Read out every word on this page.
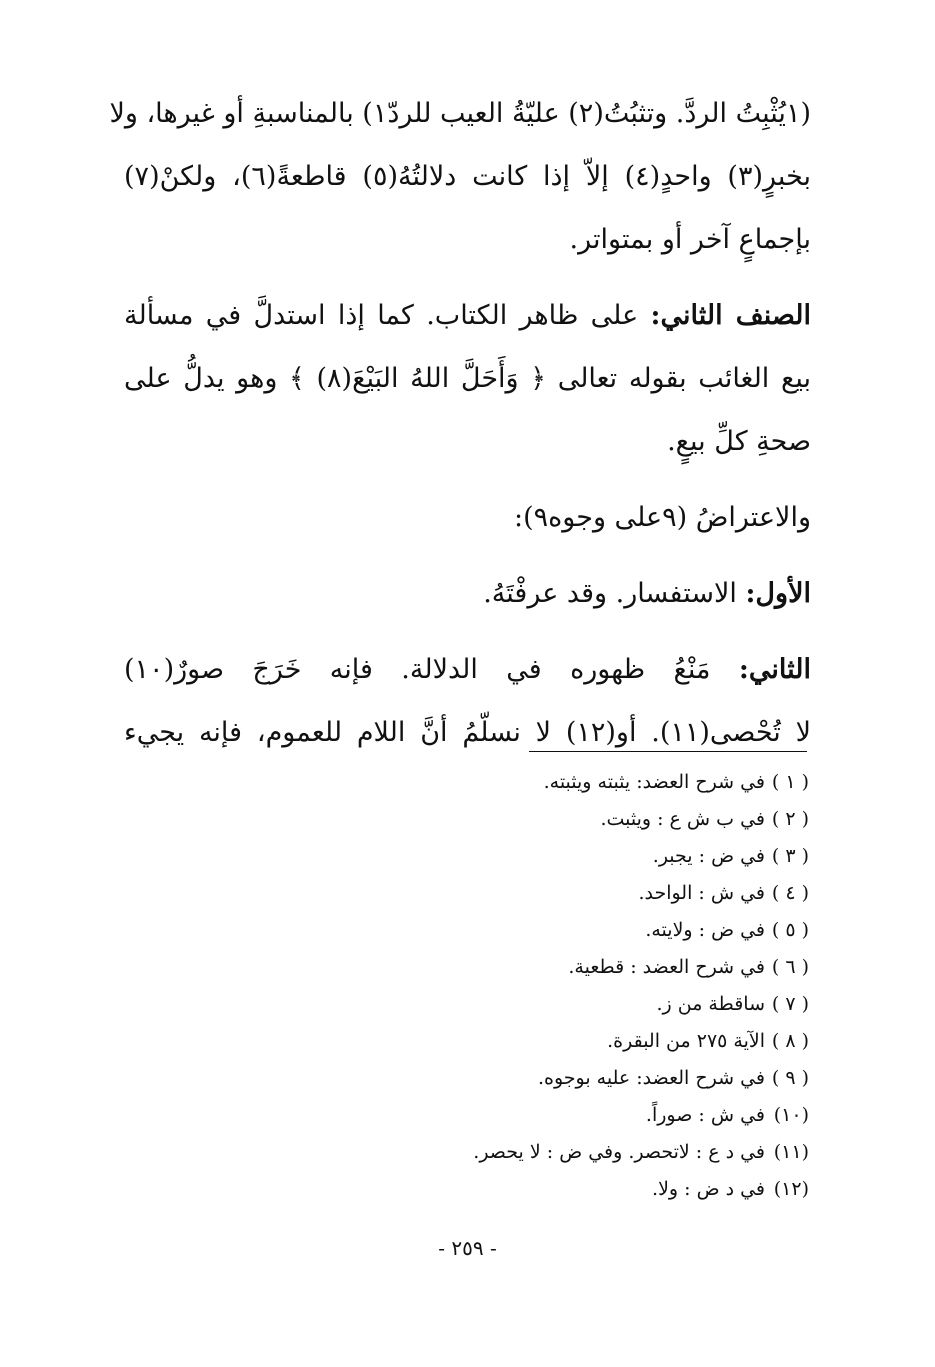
(١يُثْبِتُ الردَّ. وتثبُتُ(٢) عليّةُ العيب للردّ١) بالمناسبةِ أو غيرها، ولا
بخبرٍ(٣) واحدٍ(٤) إلاّ إذا كانت دلالتُهُ(٥) قاطعةً(٦)، ولكنْ(٧)
بإجماعٍ آخر أو بمتواتر.

الصنف الثاني: على ظاهر الكتاب. كما إذا استدلَّ في مسألة
بيع الغائب بقوله تعالى ﴿ وَأَحَلَّ اللهُ البَيْعَ(٨) ﴾ وهو يدلُّ على
صحةِ كلِّ بيعٍ.

والاعتراضُ (٩على وجوه٩):

الأول: الاستفسار. وقد عرفْتَهُ.

الثاني: مَنْعُ ظهوره في الدلالة. فإنه خَرَجَ صورٌ(١٠)
لا تُحْصى(١١). أو(١٢) لا نسلّمُ أنَّ اللام للعموم، فإنه يجيء

( ١ )في شرح العضد: يثبته ويثبته.
( ٢ )في ب ش ع : ويثبت.
( ٣ )في ض : يجبر.
( ٤ )في ش : الواحد.
( ٥ )في ض : ولايته.
( ٦ )في شرح العضد : قطعية.
( ٧ )ساقطة من ز.
( ٨ )الآية ٢٧٥ من البقرة.
( ٩ )في شرح العضد: عليه بوجوه.
(١٠)في ش : صوراً.
(١١)في د ع : لاتحصر. وفي ض : لا يحصر.
(١٢)في د ض : ولا.
- ٢٥٩ -
